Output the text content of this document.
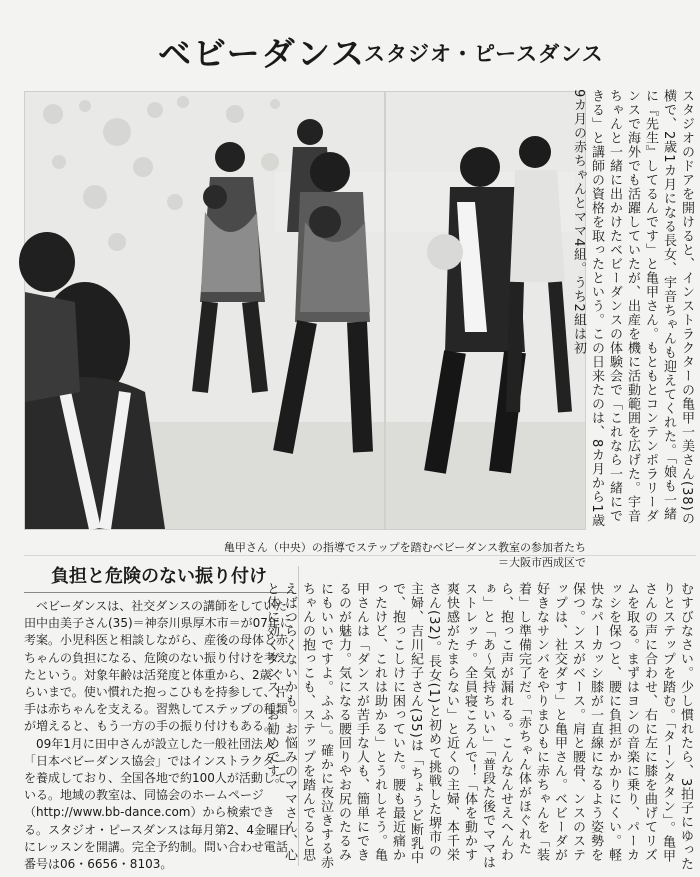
ベビーダンス
スタジオ・ピースダンス

スタジオのドアを開けると、インストラクターの亀甲一美さん(38)の横で、2歳1カ月になる長女、宇音ちゃんも迎えてくれた。「娘も一緒に『先生』してるんです」と亀甲さん。もともとコンテンポラリーダンスで海外でも活躍していたが、出産を機に活動範囲を広げた。宇音ちゃんと一緒に出かけたベビーダンスの体験会で「これなら一緒にできる」と講師の資格を取ったという。この日来たのは、8カ月から1歳9カ月の赤ちゃんとママ4組。うち2組は初

亀甲さん（中央）の指導でステップを踏むベビーダンス教室の参加者たち
＝大阪市西成区で
負担と危険のない振り付け

ベビーダンスは、社交ダンスの講師をしていた田中由美子さん(35)＝神奈川県厚木市＝が07年に考案。小児科医と相談しながら、産後の母体と赤ちゃんの負担になる、危険のない振り付けを考えたという。対象年齢は活発度と体重から、2歳ぐらいまで。使い慣れた抱っこひもを持参して、片手は赤ちゃんを支える。習熟してステップの種類が増えると、もう一方の手の振り付けもある。

09年1月に田中さんが設立した一般社団法人「日本ベビーダンス協会」ではインストラクターを養成しており、全国各地で約100人が活動している。地域の教室は、同協会のホームページ（http://www.bb-dance.com）から検索できる。スタジオ・ピースダンスは毎月第2、4金曜日にレッスンを開講。完全予約制。問い合わせ電話番号は06・6656・8103。	むすびなさい。少し慣れたら、3拍子にゆったりとステップを踏む。「ターンタタン」。亀甲さんの声に合わせ、右に左に膝を曲げてリズムを取る。まずはヨンの音楽に乗り、パーカッシを保つと、腰に負担がかかりにくい。軽快なパーカッシ膝が一直線になるよう姿勢を保つ。ンスがベース。肩と腰骨、ンスのステップは、社交ダす」と亀甲さん。ベビーダが好きなサンバをやりまひもに赤ちゃんを「装着」し準備完了だ。「赤ちゃん体がほぐれたら、抱っこ声が漏れる。こんなんせえへんわぁ」と「あ～気持ちいい」「普段た後でママはストレッチ。全員寝ころんで！「体を動かす爽快感がたまらない」と近くの主婦、本千栄さん(32)。長女(1)と初めて挑戦した堺市の主婦、吉川紀子さん(35)は「ちょうど断乳中で、抱っこしけに困っていた。腰も最近痛かったけど、これは助かる」とうれしそう。亀甲さんは「ダンスが苦手な人も、簡単にできるのが魅力。気になる腰回りやお尻のたるみにもいいですよ。ふふ」。確かに夜泣きする赤ちゃんの抱っこも、ステップを踏んでると思えばつらくないかも。お悩みのママさん、心と体に効くダンス、お勧めです。
